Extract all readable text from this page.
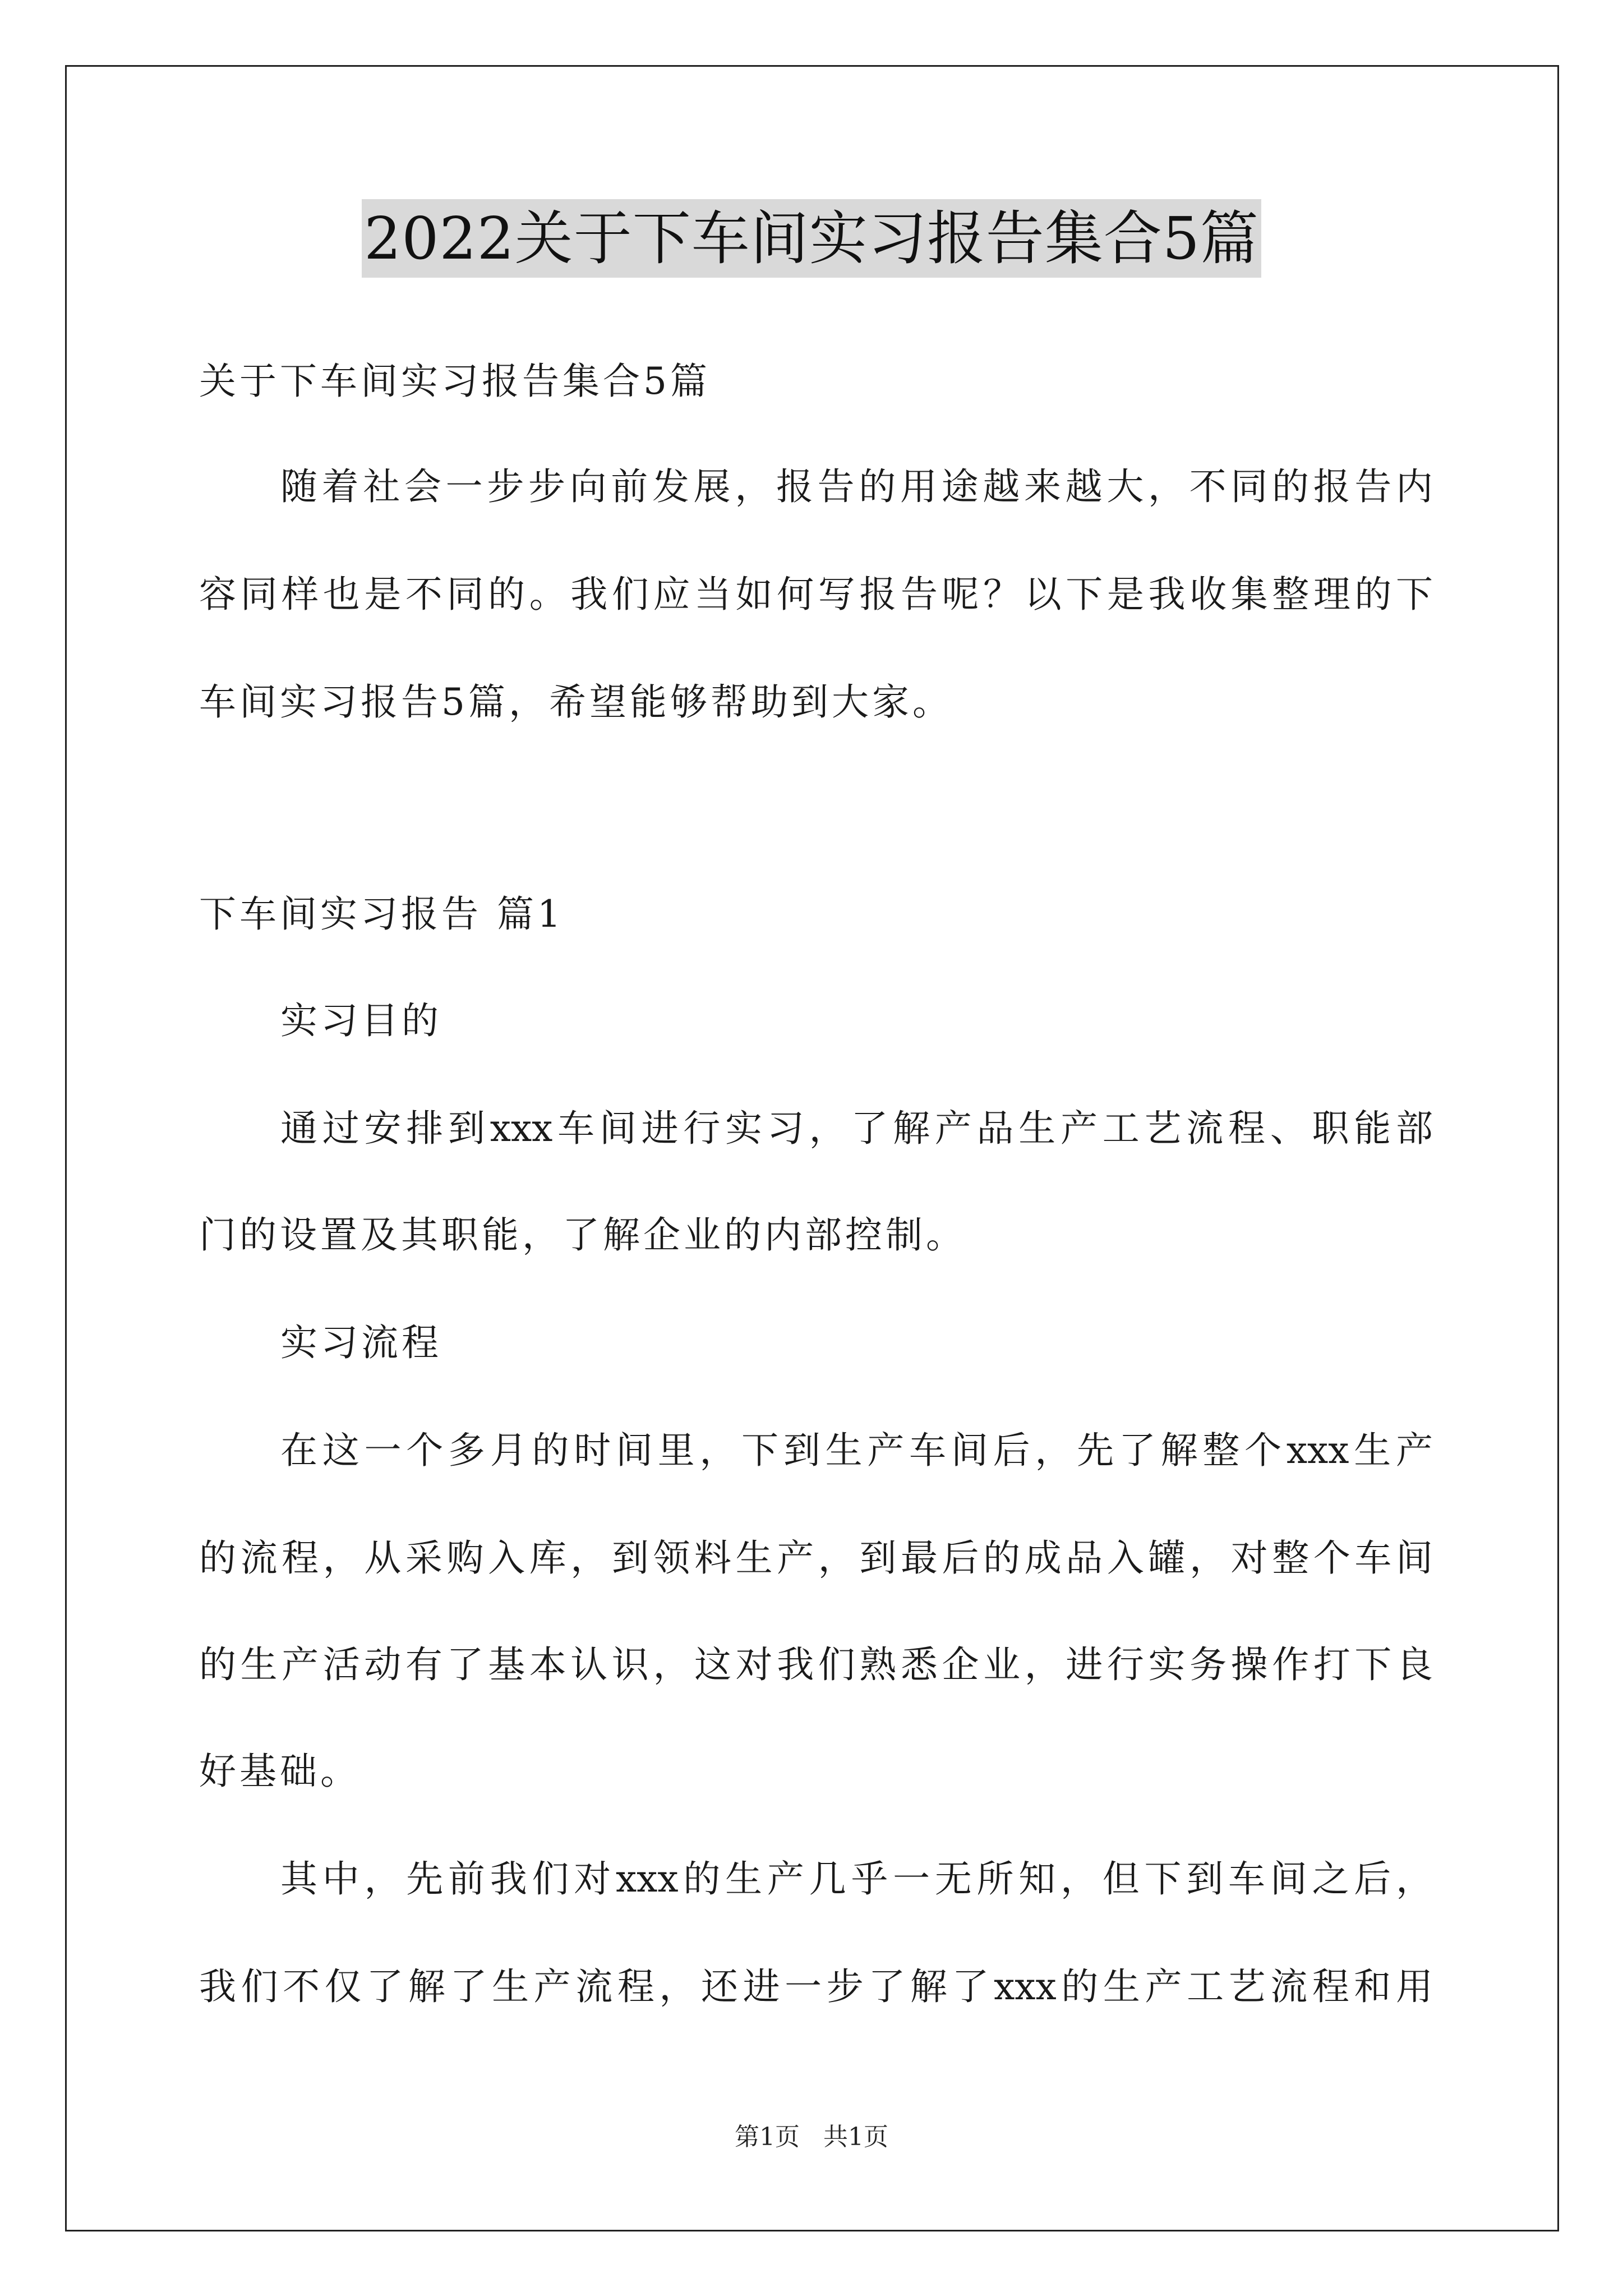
2022关于下车间实习报告集合5篇
关于下车间实习报告集合5篇
随着社会一步步向前发展，报告的用途越来越大，不同的报告内
容同样也是不同的。我们应当如何写报告呢？以下是我收集整理的下
车间实习报告5篇，希望能够帮助到大家。
下车间实习报告 篇1
实习目的
通过安排到xxx车间进行实习，了解产品生产工艺流程、职能部
门的设置及其职能，了解企业的内部控制。
实习流程
在这一个多月的时间里，下到生产车间后，先了解整个xxx生产
的流程，从采购入库，到领料生产，到最后的成品入罐，对整个车间
的生产活动有了基本认识，这对我们熟悉企业，进行实务操作打下良
好基础。
其中，先前我们对xxx的生产几乎一无所知，但下到车间之后，
我们不仅了解了生产流程，还进一步了解了xxx的生产工艺流程和用
第1页 共1页
